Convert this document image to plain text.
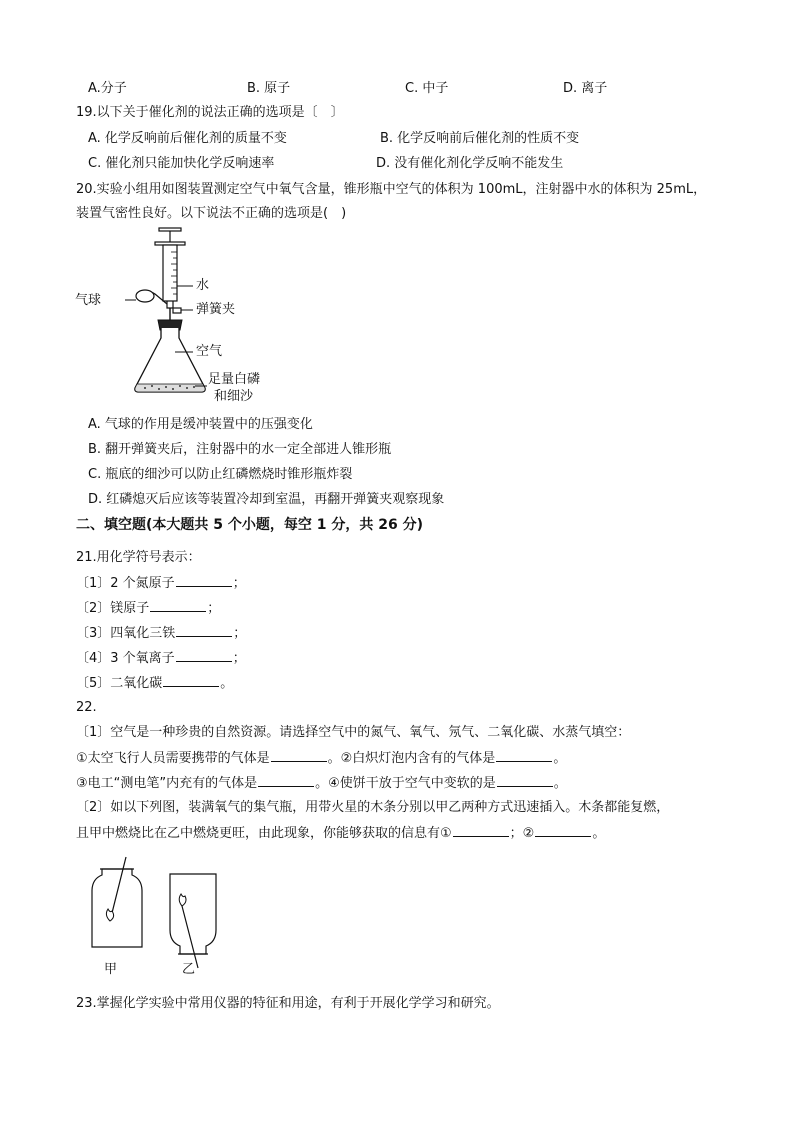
A.分子	B. 原子	C. 中子	D. 离子
19.以下关于催化剂的说法正确的选项是〔　〕
A. 化学反响前后催化剂的质量不变	B. 化学反响前后催化剂的性质不变
C. 催化剂只能加快化学反响速率	D. 没有催化剂化学反响不能发生
20.实验小组用如图装置测定空气中氧气含量，锥形瓶中空气的体积为 100mL，注射器中水的体积为 25mL，
装置气密性良好。以下说法不正确的选项是(　)
气球
水
弹簧夹
空气
足量白磷
和细沙
A. 气球的作用是缓冲装置中的压强变化
B. 翻开弹簧夹后，注射器中的水一定全部进人锥形瓶
C. 瓶底的细沙可以防止红磷燃烧时锥形瓶炸裂
D. 红磷熄灭后应该等装置冷却到室温，再翻开弹簧夹观察现象
二、填空题(本大题共 5 个小题，每空 1 分，共 26 分)
21.用化学符号表示：
〔1〕2 个氮原子	；
〔2〕镁原子	；
〔3〕四氧化三铁	；
〔4〕3 个氧离子	；
〔5〕二氧化碳	。
22.
〔1〕空气是一种珍贵的自然资源。请选择空气中的氮气、氧气、氖气、二氧化碳、水蒸气填空：
①太空飞行人员需要携带的气体是	。②白炽灯泡内含有的气体是	。
③电工“测电笔”内充有的气体是	。④使饼干放于空气中变软的是	。
〔2〕如以下列图，装满氧气的集气瓶，用带火星的木条分别以甲乙两种方式迅速插入。木条都能复燃，
且甲中燃烧比在乙中燃烧更旺，由此现象，你能够获取的信息有①	；②	。
甲	乙
23.掌握化学实验中常用仪器的特征和用途，有利于开展化学学习和研究。
